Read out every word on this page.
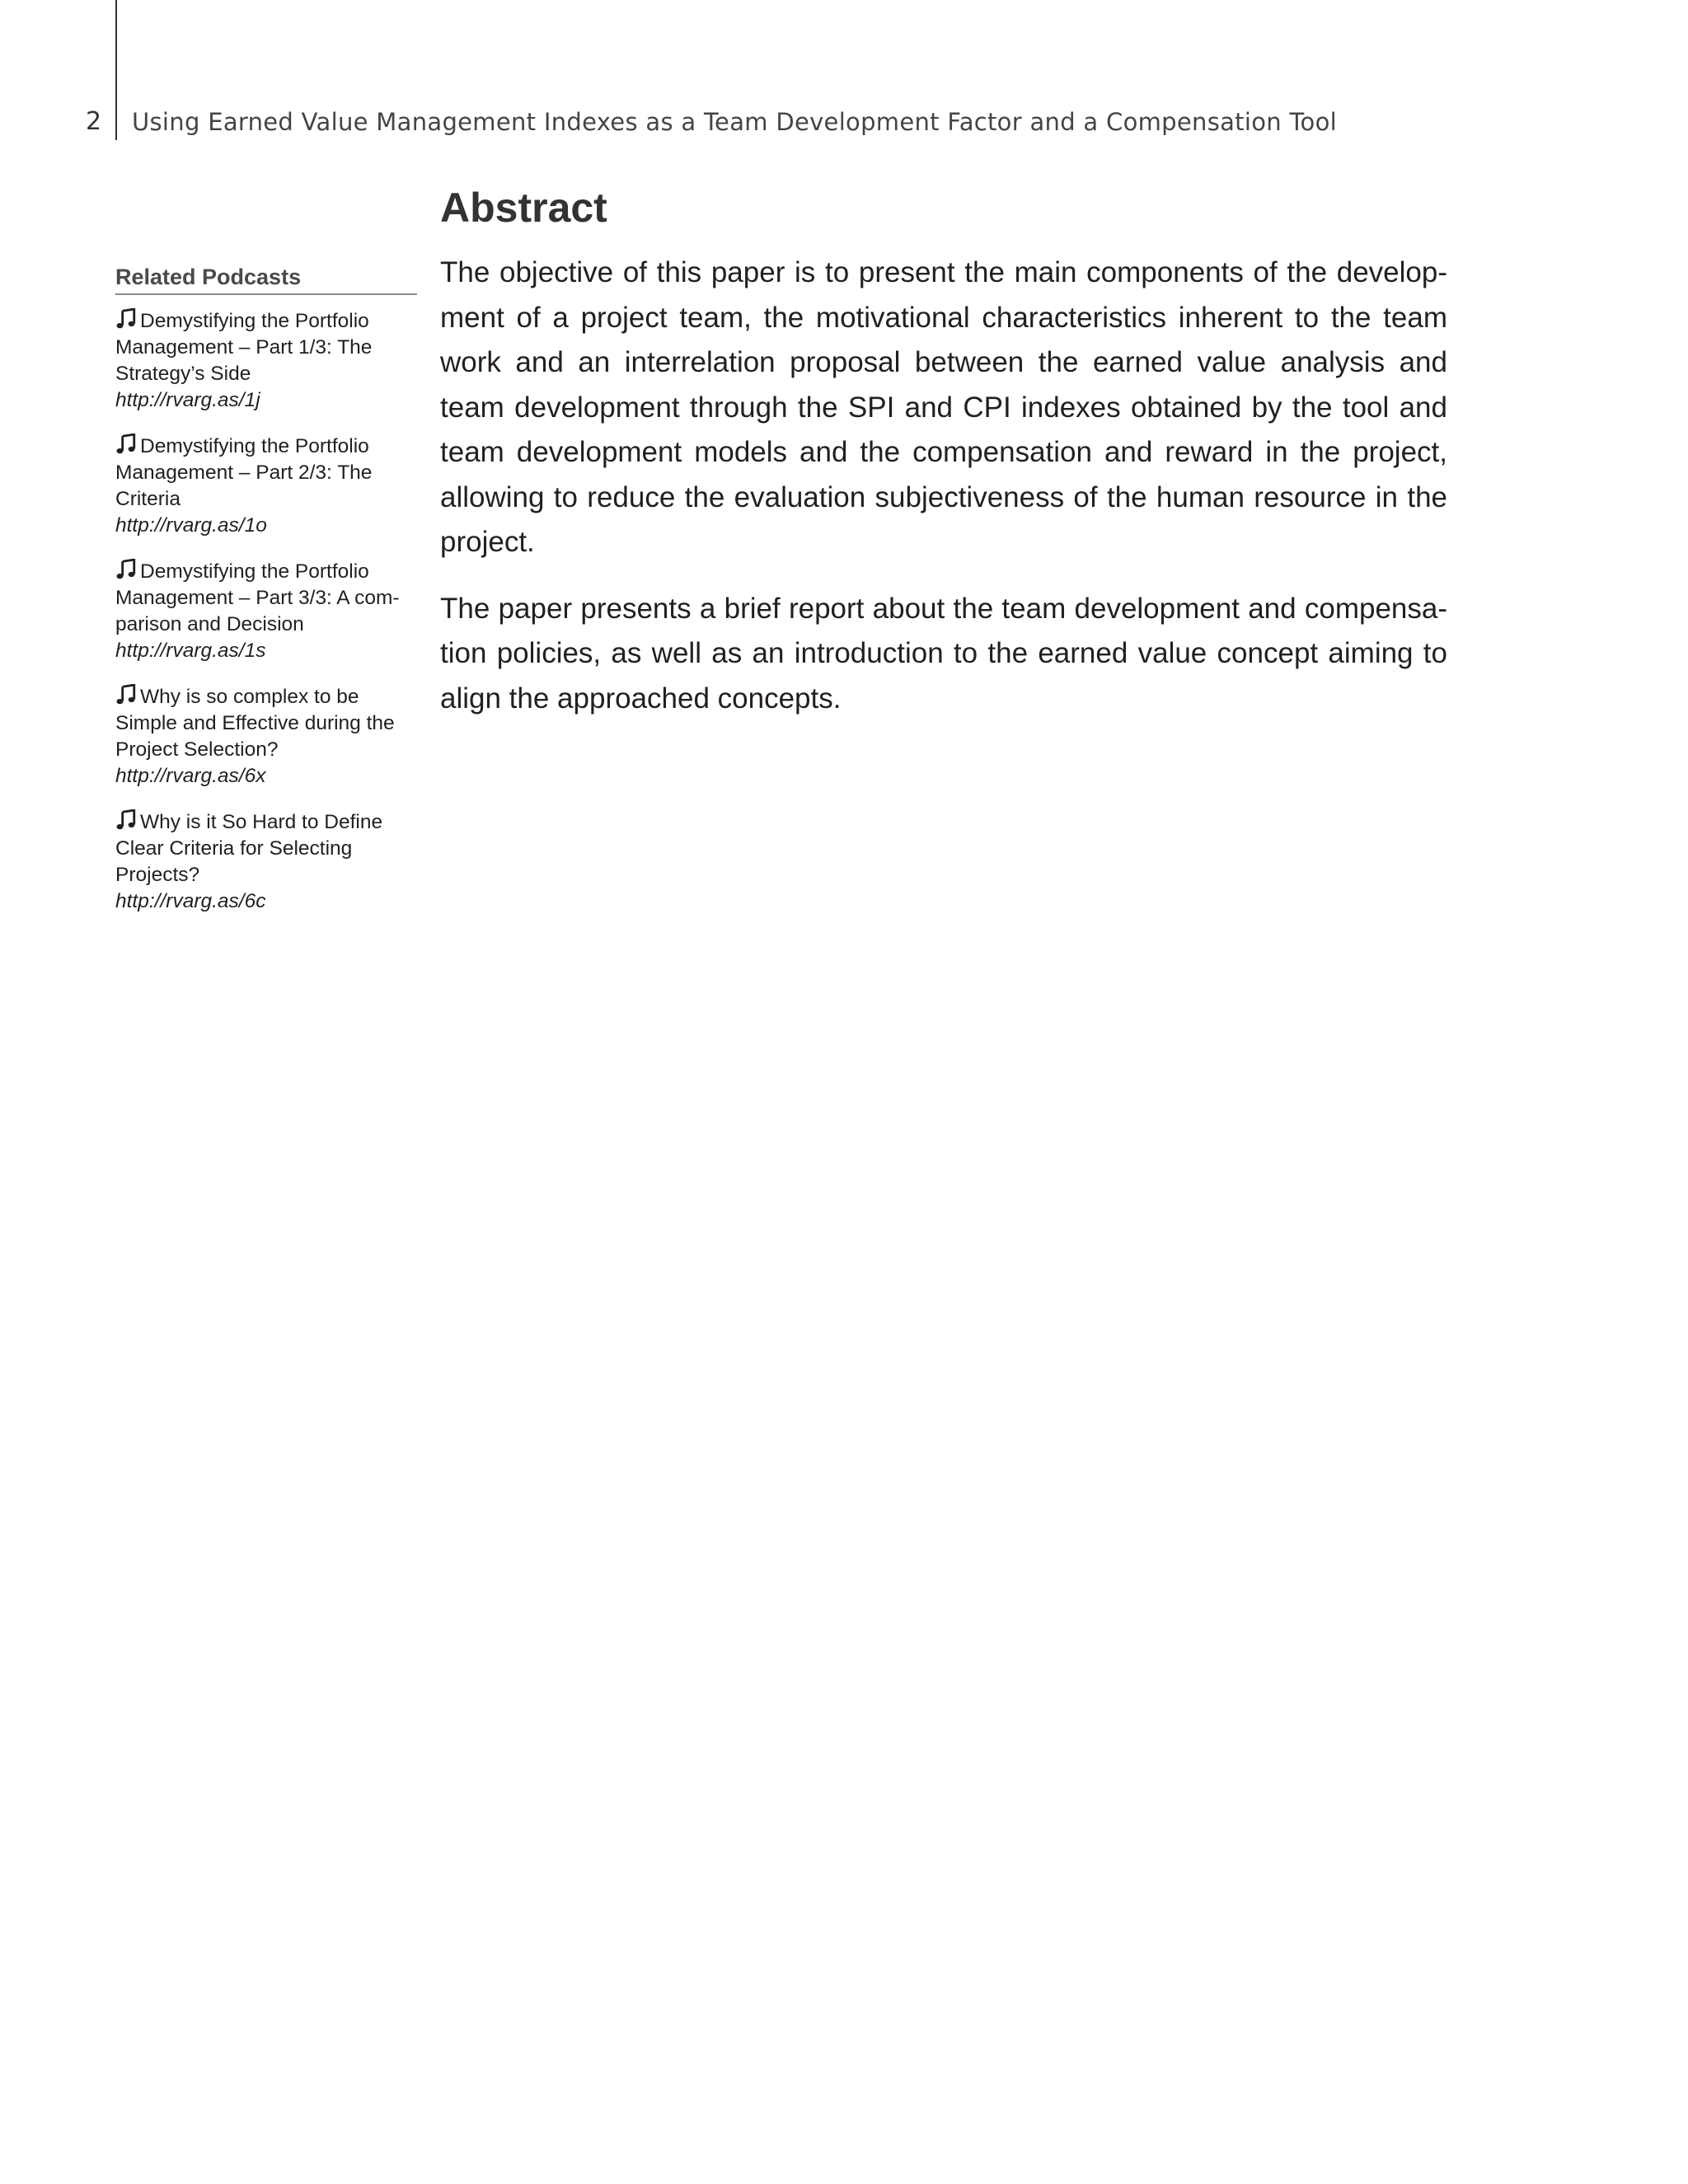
2 Using Earned Value Management Indexes as a Team Development Factor and a Compensation Tool
Related Podcasts

Demystifying the Portfolio Management – Part 1/3: The Strategy’s Side

http://rvarg.as/1j

Demystifying the Portfolio Management – Part 2/3: The Criteria

http://rvarg.as/1o

Demystifying the Portfolio Management – Part 3/3: A comparison and Decision

http://rvarg.as/1s

Why is so complex to be Simple and Effective during the Project Selection?

http://rvarg.as/6x

Why is it So Hard to Define Clear Criteria for Selecting Projects?

http://rvarg.as/6c

Abstract

The objective of this paper is to present the main components of the development of a project team, the motivational characteristics inherent to the team work and an interrelation proposal between the earned value analysis and team development through the SPI and CPI indexes obtained by the tool and team development models and the compensation and reward in the project, allowing to reduce the evaluation subjectiveness of the human resource in the project.

The paper presents a brief report about the team development and compensation policies, as well as an introduction to the earned value concept aiming to align the approached concepts.
